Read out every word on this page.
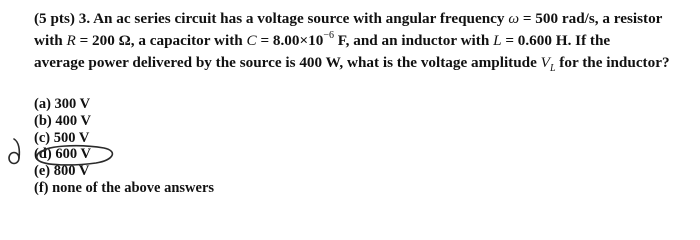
(5 pts) 3. An ac series circuit has a voltage source with angular frequency ω = 500 rad/s, a resistor
with R = 200 Ω, a capacitor with $C = 8.00\times 10^{-6}$ F, and an inductor with L = 0.600 H. If the
average power delivered by the source is 400 W, what is the voltage amplitude $V_L$ for the inductor?
(a) 300 V
(b) 400 V
(c) 500 V
(d) 600 V
(e) 800 V
(f) none of the above answers
